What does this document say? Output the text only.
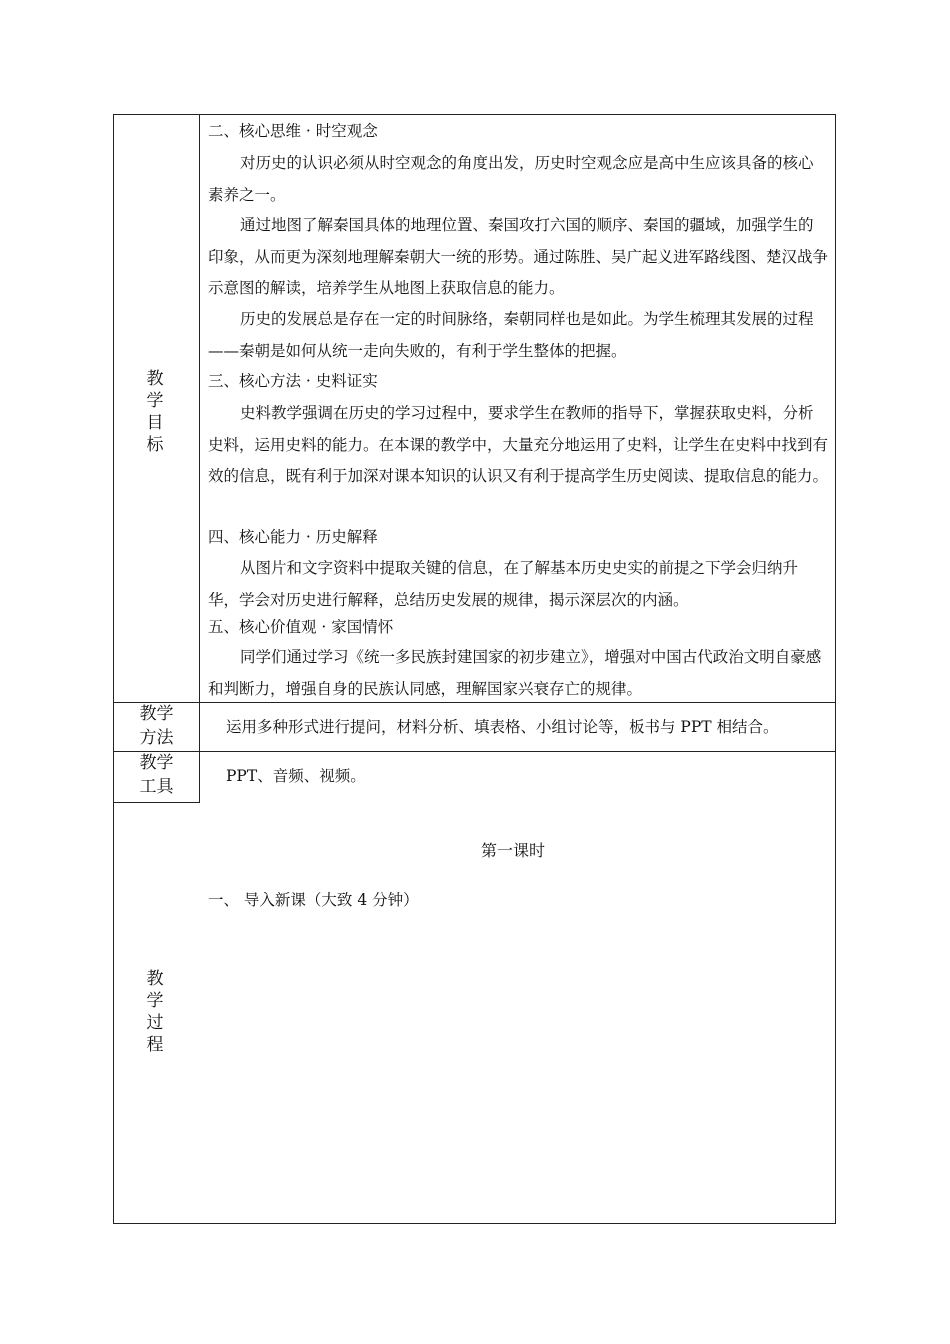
教学目标
二、核心思维 · 时空观念
对历史的认识必须从时空观念的角度出发，历史时空观念应是高中生应该具备的核心素养之一。
通过地图了解秦国具体的地理位置、秦国攻打六国的顺序、秦国的疆域，加强学生的印象，从而更为深刻地理解秦朝大一统的形势。通过陈胜、吴广起义进军路线图、楚汉战争示意图的解读，培养学生从地图上获取信息的能力。
历史的发展总是存在一定的时间脉络，秦朝同样也是如此。为学生梳理其发展的过程——秦朝是如何从统一走向失败的，有利于学生整体的把握。
三、核心方法 · 史料证实
史料教学强调在历史的学习过程中，要求学生在教师的指导下，掌握获取史料，分析史料，运用史料的能力。在本课的教学中，大量充分地运用了史料，让学生在史料中找到有效的信息，既有利于加深对课本知识的认识又有利于提高学生历史阅读、提取信息的能力。
四、核心能力 · 历史解释
从图片和文字资料中提取关键的信息，在了解基本历史史实的前提之下学会归纳升华，学会对历史进行解释，总结历史发展的规律，揭示深层次的内涵。
五、核心价值观 · 家国情怀
同学们通过学习《统一多民族封建国家的初步建立》，增强对中国古代政治文明自豪感和判断力，增强自身的民族认同感，理解国家兴衰存亡的规律。
教学
方法
运用多种形式进行提问，材料分析、填表格、小组讨论等，板书与 PPT 相结合。
教学
工具
PPT、音频、视频。
第一课时
一、 导入新课（大致 4 分钟）
教学过程
